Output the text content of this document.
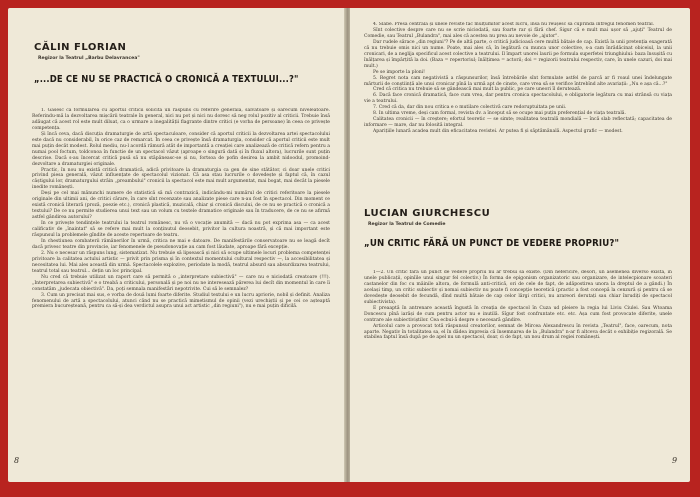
CĂLIN FLORIAN
Regizor la Teatrul „Barbu Delavrancea"
„...DE CE NU SE PRACTICĂ O CRONICĂ A TEXTULUI...?"

1. Găsesc că formularea cu aportul criticii solicită un răspuns cu referire generală, salvatoare și oarecum niveleatoare. Referindu-mă la dezvoltarea mișcării teatrale în general, nici nu pot și nici nu doresc să neg rolul pozitiv al criticii. Trebuie însă adăugat că acest rol este mult diluat, ca o urmare a inegalității flagrante dintre critici (e vorba de persoane) în ceea ce privește competența.

Și încă ceva, dacă discuția dramaturgie de artă spectaculoare, consider că aportul criticii la dezvoltarea artei spectacolului este dacă nu considerabil, în orice caz de remarcat. În ceea ce privește însă dramaturgia, consider că aportul criticii este mult mai puțin decât modest. Rolul mediu, nu-l acordă rămură atât de importantă a creației care analizează de critică refern pentru a numai pool foctum, toldconoa în functie de un spectacol văzut (aproape o singură dată și în fluxul altora), lucrurile sunt puțin descrise. Dacă s-au încercat critică pusă să nu stăpâneasc-se și nu, fortsoa de pofin desirea la ambit nidoodul, promoind-dezvoltare a dramaturgiei originale.

Practic, în nou nu există critică dramatică, adică privitoare la dramaturgia ca gen de sine stătător, ci doar unele critici privind piesa generală, văzut influențate de spectacolul vizionat. Că asa stau lucrurile o dovedește și faptul că, în cazul câștigului lor, dramaturgului străin „preambului" cronicii la spectacol este mai mult argumentat, mai bogat, mai decât la piesele inedite românești.

Deși pe cel mai mănunchi numere de statistică să mă contrazică, indicându-mi numărul de critici referitoare la piesele originale din ultimii ani, de critici cărare, în care sînt recenzate sau analizate piese care n-au fost în spectacol. Din moment ce există cronică literară (proză, poezie etc.), cronică plastică, muzicală, chiar și cronică discului, de ce nu se practică o cronică a textului? De ce nu permite studierea unui text sau un volum cu textele dramatice originale sau în traducere, de ce nu se afirmă astfel gândirea autorului?

In ce privește tendințele teatrului la teatrul românesc, nu vă o vocație anumită — dacă nu pot exprima asa — ca acest calificativ de „înaintat" să se refere mai mult la conținutul deosebit, privitor la cultura noastră, și că mai important este răspunsul la problemele gîndite de aceste repertoare de teatru.

In chestiunea combaterii rămânerilor în urmă, critica ne mai e datoare. De manifestările conservatoare nu se leagă decît dacă privesc teatre din provincie, iar fenomenele de pseudonovație au cam fost lăudate, aproape fără excepție.

2. Nu e necesar un răspuns lung, sistematizat. Nu trebuie să lipsească și nici să ocupe ultimele locuri problema competenței privitoare la calitatea actului artistic — privit prin prisma și în contextul momentului cultural respectiv —, la accesibilitatea și necesitatea lui. Mai ales această din urmă. Spectacolele explozive, periodate la modă, teatrul absurd sau absurdizarea teatrului, teatrul total sau teatrul... dețin un loc principal.

Nu cred că trebuie utilizat un raport care să permită o „interpretare subiectivă" — care nu e niciodată creatoare (!!!). „Interpretarea subiectivă" e o treabă a criticului, personală și pe noi nu ne interesează părerea lui decît din momentul în care îi constatăm „judecata obiectivă". Da, poți semnala manifestări nepotrivite. Cui să le semnalez?

3. Cum un precisat mai sus, e vorba de două lumi foarte diferite. Studiul textului e un lucru apriorie, nobil și definit. Analiza fenomenului de artă a spectacolului, atunci când nu se practică mimetismul de opinii (vezi urechiștii și pe cei ce așteaptă premiera bucureșteană, pentru ca să-și dea verdictul asupra unui act artistic „din regiuni"), nu e mai puțin dificilă.

8

4. Slabe. Presa centrală și unele reviste fac mulțumitor acest lucru, însă nu reușesc să cuprindă întregul fenomen teatral.

Sînt colective despre care nu se scrie niciodată, sau foarte rar și fără chef. Sigur că e mult mai ușor să „ajuți" Teatrul de Comedie, sau Teatrul „Bulandra", mai ales că acestea nu prea au nevoie de „ajutor".

Dar rudele sărace „din regiuni"? Pe de altă parte, o critică judicioasă cere multă bătaie de cap. Există la unii pretenția exagerată că nu trebuie omis nici un nume. Poate, mai ales că, în legătură cu munca unor colective, s-a cam înrădăcinat obiceiul, la unii cronicari, de a neglija specificul acest colective a teatrului. Il împart unorei laurii pe formula superfetei triunghiului: baza însușită cu înălțarea și împărțită la doi. (Baza = repertoriul; înălțimea = actorii; doi = regizorii teatrului respectiv, care, în unele cazuri, doi mai mult.)

Pe se importe la ploni!

5. Regret nota cam negativistă a răspunsurilor, însă întrebările sînt formulate astfel de parcă ar fi roaul unei îndelungate mărturii de conștiință ale unui cronicar pînă la urmă apt de cinste, care vrea să se verifice întrebînd alte avariații: „Nu e așa că...?"

Cred că critica nu trebuie să se gândească mai mult la public, pe care uneori îl derutează.

6. Dacă face cronică dramatică, face cum vrea, dar pentru cronica spectacolului, e obligatorie legătura cu mai strânsă cu viața vie a teatrului.

7. Cred că da, dar din nou critica e o mutilare colectivă care redoruptuitata pe unii.

8. In ultima vreme, deși cam formal, revista dv. a început să se ocupe mai puțin preferențial de viața teatrală.

Calitatea cronicii — în creștere; efortul teoretic — se simte; realitatea teatrală mondială — încă slab reflectată; capacitatea de informare — mare, dar nu folosită integral.

Aparițiile lunară acadea mult din eficacitatea revistei. Ar putea fi și săptămânală. Aspectul grafic — modest.

LUCIAN GIURCHESCU
Regizor la Teatrul de Comedie
„UN CRITIC FĂRĂ UN PUNCT DE VEDERE PROPRIU?"

1—2. Un critic fără un punct de vedere propriu nu ar trebui să existe. (Din nefericire, desori, un asemenea diverso există, în unele publicații, opinîile unui singur fel colectiv.) În forma de epigonism organizatoric sau organizare, de intelecpionare scoateri castanelor din foc cu mâinile altora, de formulă anti-critică, ori de cele de fapt, de adăpostirea unora la dreptul de a gândi.) În același timp, un critic subiectiv și nomai subiectiv nu poate fi concepție teoretică (practic a fost concepă la cenzură și pentru că se dovedește deosebit de fecundă, dînd multă bătaie de cap celor lărgi critici, nu arareori derutați sau chiar înrudiți de spectacol subiectivista).

E preaaptă în antrenare această îngustă în creația de spectacol în Cuza ud pleiere la regia lui Liviu Ciulei. Sau Wtoama Doncescu pînă iarăși de cum pentru actor nu e inutilă. Sîgur fost confruntate etc. etc. Așa cum fost provocate diferite, unele contrare ale subiectiviștilor. Cea ecbui-ă despre o necesară gândire.

Articolul care a provocat totă răspunsul creatorilor, semnat de Mircea Alexandrescu în revista „Teatrul", face, oarecum, nota aparte. Negativ în totalitatea sa, el în dădea impresia că însemnarea de la „Bulandra" n-ar fi altceva decât o exhibiție regizorală. Se stabilea faptul însă după pe de apel nu un spectacol, doar, ci de fapt, un nou drum al regiei românești.

9
